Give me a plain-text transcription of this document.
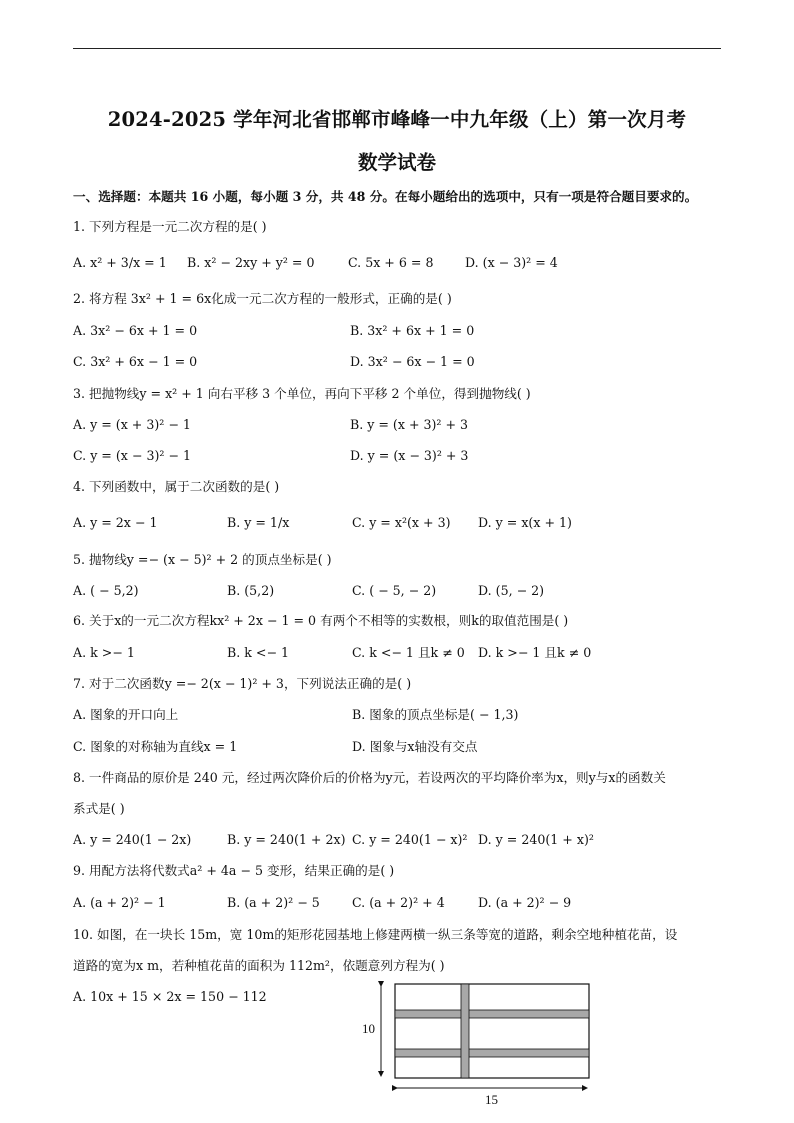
2024-2025 学年河北省邯郸市峰峰一中九年级（上）第一次月考
数学试卷
一、选择题：本题共 16 小题，每小题 3 分，共 48 分。在每小题给出的选项中，只有一项是符合题目要求的。
1. 下列方程是一元二次方程的是( )
A. x² + 3/x = 1 B. x² − 2xy + y² = 0	C. 5x + 6 = 8	D. (x − 3)² = 4
2. 将方程 3x² + 1 = 6x化成一元二次方程的一般形式，正确的是( )
A. 3x² − 6x + 1 = 0	B. 3x² + 6x + 1 = 0
C. 3x² + 6x − 1 = 0	D. 3x² − 6x − 1 = 0
3. 把抛物线y = x² + 1 向右平移 3 个单位，再向下平移 2 个单位，得到抛物线( )
A. y = (x + 3)² − 1	B. y = (x + 3)² + 3
C. y = (x − 3)² − 1	D. y = (x − 3)² + 3
4. 下列函数中，属于二次函数的是( )
A. y = 2x − 1	B. y = 1/x	C. y = x²(x + 3) D. y = x(x + 1)
5. 抛物线y =− (x − 5)² + 2 的顶点坐标是( )
A. ( − 5,2)	B. (5,2)	C. ( − 5, − 2)	D. (5, − 2)
6. 关于x的一元二次方程kx² + 2x − 1 = 0 有两个不相等的实数根，则k的取值范围是( )
A. k >− 1	B. k <− 1	C. k <− 1 且k ≠ 0 D. k >− 1 且k ≠ 0
7. 对于二次函数y =− 2(x − 1)² + 3，下列说法正确的是( )
A. 图象的开口向上	B. 图象的顶点坐标是( − 1,3)
C. 图象的对称轴为直线x = 1	D. 图象与x轴没有交点
8. 一件商品的原价是 240 元，经过两次降价后的价格为y元，若设两次的平均降价率为x，则y与x的函数关
系式是( )
A. y = 240(1 − 2x)	B. y = 240(1 + 2x) C. y = 240(1 − x)² D. y = 240(1 + x)²
9. 用配方法将代数式a² + 4a − 5 变形，结果正确的是( )
A. (a + 2)² − 1	B. (a + 2)² − 5	C. (a + 2)² + 4	D. (a + 2)² − 9
10. 如图，在一块长 15m，宽 10m的矩形花园基地上修建两横一纵三条等宽的道路，剩余空地种植花苗，设
道路的宽为x m，若种植花苗的面积为 112m²，依题意列方程为( )
A. 10x + 15 × 2x = 150 − 112
10
15
